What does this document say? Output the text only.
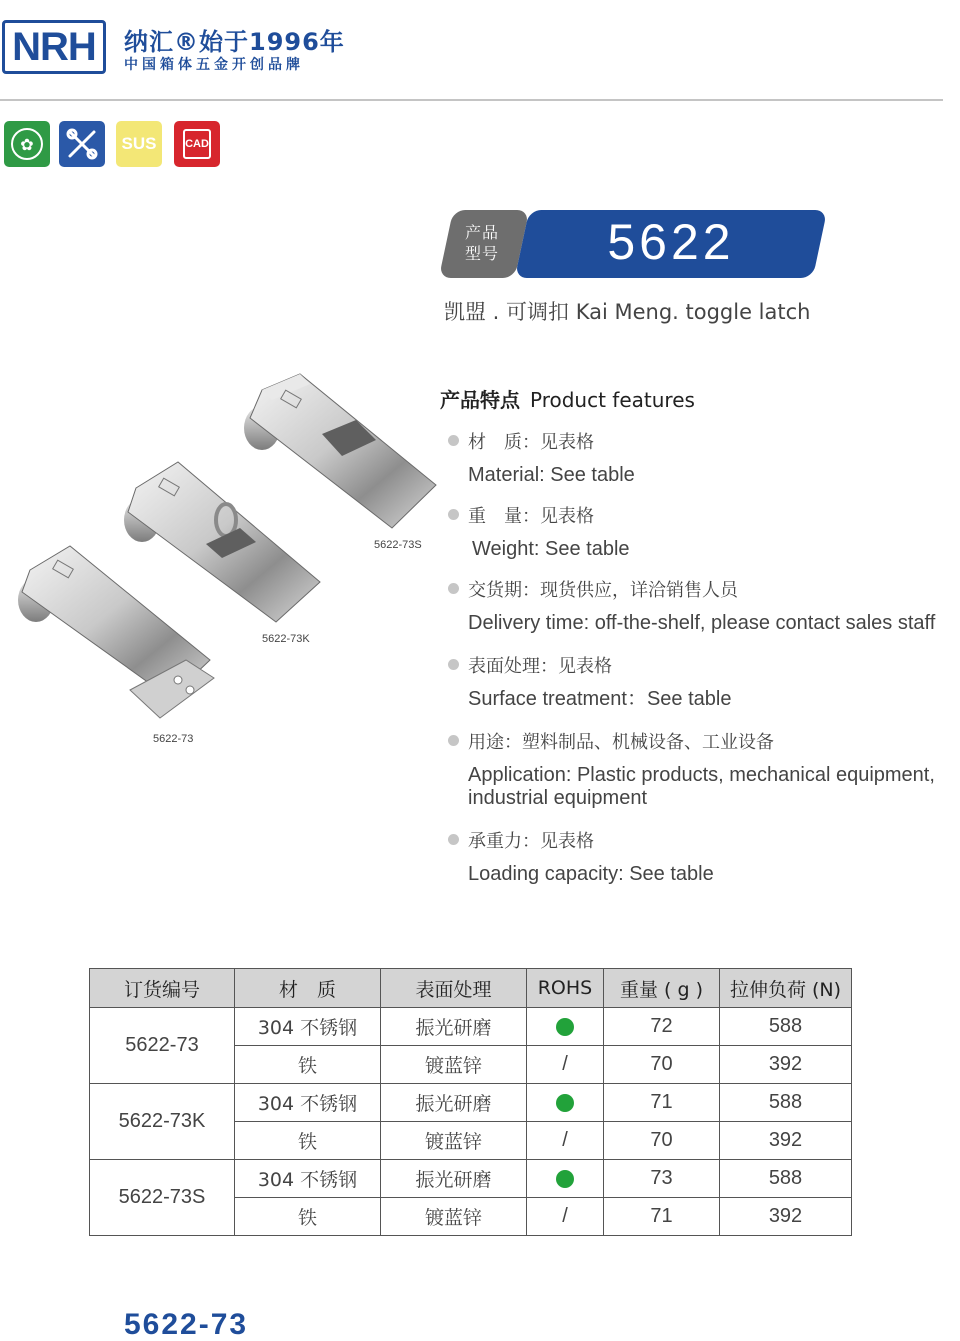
NRH 纳汇®始于1996年
中国箱体五金开创品牌
✿	SUS	CAD
产品
型号	5622
凯盟 . 可调扣 Kai Meng. toggle latch
5622-73S
5622-73K
5622-73
产品特点 Product features
材　质：见表格
Material: See table
重　量：见表格
Weight: See table
交货期：现货供应，详洽销售人员
Delivery time: off-the-shelf, please contact sales staff
表面处理：见表格
Surface treatment：See table
用途：塑料制品、机械设备、工业设备
Application: Plastic products, mechanical equipment, industrial equipment
承重力：见表格
Loading capacity: See table
订货编号	材　质	表面处理	ROHS	重量 ( g )	拉伸负荷 (N)
5622-73	304 不锈钢	振光研磨		72	588
	铁	镀蓝锌	/	70	392
5622-73K	304 不锈钢	振光研磨		71	588
	铁	镀蓝锌	/	70	392
5622-73S	304 不锈钢	振光研磨		73	588
	铁	镀蓝锌	/	71	392
5622-73
